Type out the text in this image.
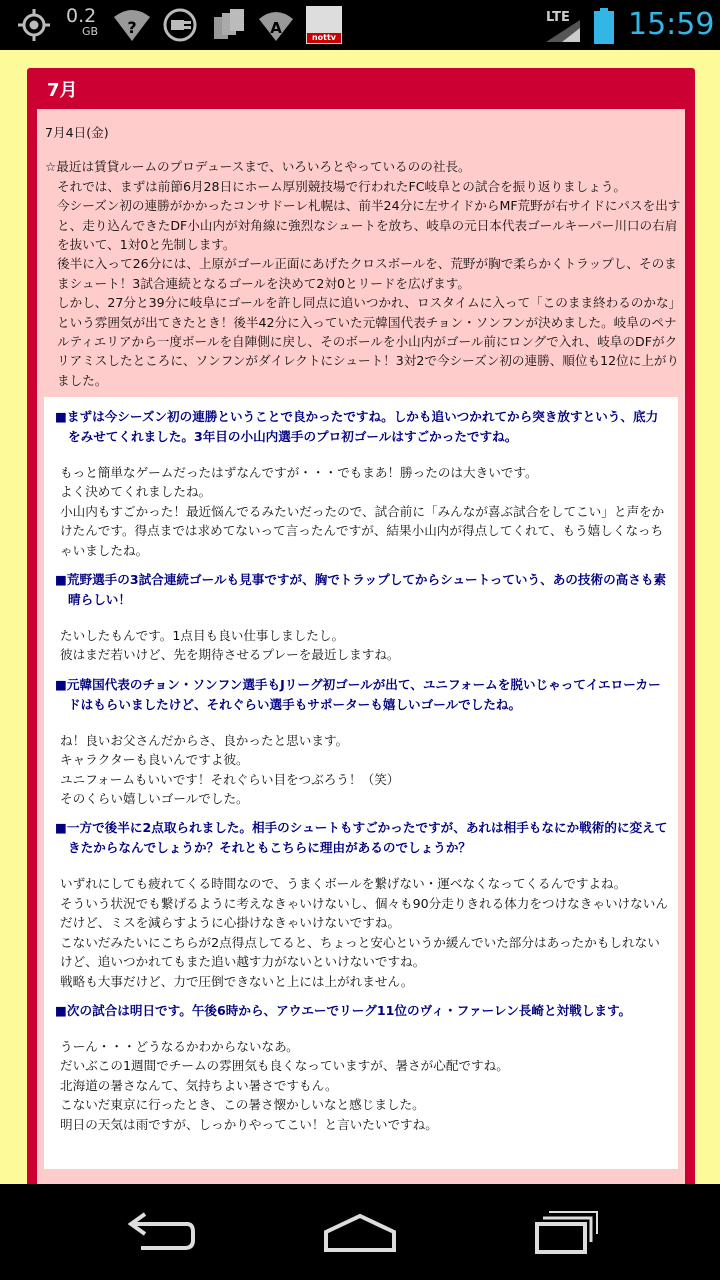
0.2
GB	?	A
nottv
LTE	15:59
7月

7月4日(金)

☆最近は賃貸ルームのプロデュースまで、いろいろとやっているのの社長。

それでは、まずは前節6月28日にホーム厚別競技場で行われたFC岐阜との試合を振り返りましょう。

今シーズン初の連勝がかかったコンサドーレ札幌は、前半24分に左サイドからMF荒野が右サイドにパスを出すと、走り込んできたDF小山内が対角線に強烈なシュートを放ち、岐阜の元日本代表ゴールキーパー川口の右肩を抜いて、1対0と先制します。

後半に入って26分には、上原がゴール正面にあげたクロスボールを、荒野が胸で柔らかくトラップし、そのままシュート！3試合連続となるゴールを決めて2対0とリードを広げます。

しかし、27分と39分に岐阜にゴールを許し同点に追いつかれ、ロスタイムに入って「このまま終わるのかな」という雰囲気が出てきたとき！後半42分に入っていた元韓国代表チョン・ソンフンが決めました。岐阜のペナルティエリアから一度ボールを自陣側に戻し、そのボールを小山内がゴール前にロングで入れ、岐阜のDFがクリアミスしたところに、ソンフンがダイレクトにシュート！3対2で今シーズン初の連勝、順位も12位に上がりました。

■まずは今シーズン初の連勝ということで良かったですね。しかも追いつかれてから突き放すという、底力をみせてくれました。3年目の小山内選手のプロ初ゴールはすごかったですね。

もっと簡単なゲームだったはずなんですが・・・でもまあ！勝ったのは大きいです。

よく決めてくれましたね。

小山内もすごかった！最近悩んでるみたいだったので、試合前に「みんなが喜ぶ試合をしてこい」と声をかけたんです。得点までは求めてないって言ったんですが、結果小山内が得点してくれて、もう嬉しくなっちゃいましたね。

■荒野選手の3試合連続ゴールも見事ですが、胸でトラップしてからシュートっていう、あの技術の高さも素晴らしい！

たいしたもんです。1点目も良い仕事しましたし。

彼はまだ若いけど、先を期待させるプレーを最近しますね。

■元韓国代表のチョン・ソンフン選手もJリーグ初ゴールが出て、ユニフォームを脱いじゃってイエローカードはもらいましたけど、それぐらい選手もサポーターも嬉しいゴールでしたね。

ね！良いお父さんだからさ、良かったと思います。

キャラクターも良いんですよ彼。

ユニフォームもいいです！それぐらい目をつぶろう！（笑）

そのくらい嬉しいゴールでした。

■一方で後半に2点取られました。相手のシュートもすごかったですが、あれは相手もなにか戦術的に変えてきたからなんでしょうか？それともこちらに理由があるのでしょうか？

いずれにしても疲れてくる時間なので、うまくボールを繋げない・運べなくなってくるんですよね。

そういう状況でも繋げるように考えなきゃいけないし、個々も90分走りきれる体力をつけなきゃいけないんだけど、ミスを減らすように心掛けなきゃいけないですね。

こないだみたいにこちらが2点得点してると、ちょっと安心というか緩んでいた部分はあったかもしれないけど、追いつかれてもまた追い越す力がないといけないですね。

戦略も大事だけど、力で圧倒できないと上には上がれません。

■次の試合は明日です。午後6時から、アウエーでリーグ11位のヴィ・ファーレン長崎と対戦します。

うーん・・・どうなるかわからないなあ。

だいぶこの1週間でチームの雰囲気も良くなっていますが、暑さが心配ですね。

北海道の暑さなんて、気持ちよい暑さですもん。

こないだ東京に行ったとき、この暑さ懐かしいなと感じました。

明日の天気は雨ですが、しっかりやってこい！と言いたいですね。
